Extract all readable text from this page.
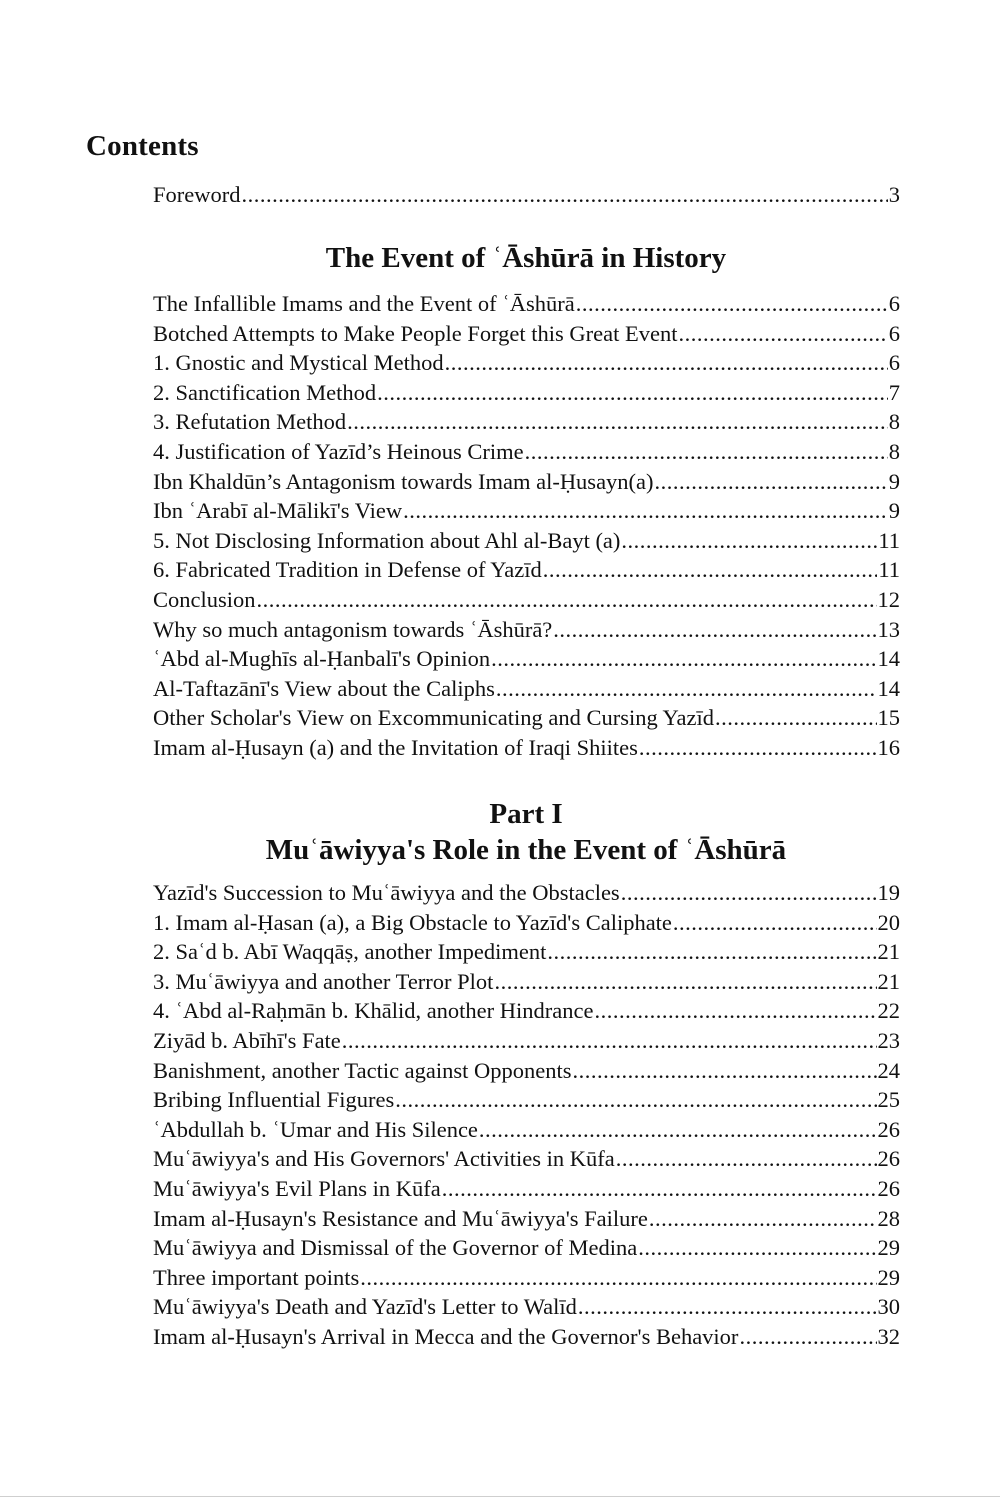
Contents
Foreword .....	3
The Event of ʿĀshūrā in History
The Infallible Imams and the Event of ʿĀshūrā .....	6
Botched Attempts to Make People Forget this Great Event .....	6
1. Gnostic and Mystical Method .....	6
2. Sanctification Method .....	7
3. Refutation Method .....	8
4. Justification of Yazīd’s Heinous Crime .....	8
Ibn Khaldūn’s Antagonism towards Imam al-Ḥusayn(a) .....	9
Ibn ʿArabī al-Mālikī's View .....	9
5. Not Disclosing Information about Ahl al-Bayt (a) .....	11
6. Fabricated Tradition in Defense of Yazīd .....	11
Conclusion .....	12
Why so much antagonism towards ʿĀshūrā? .....	13
ʿAbd al-Mughīs al-Ḥanbalī's Opinion .....	14
Al-Taftazānī's View about the Caliphs .....	14
Other Scholar's View on Excommunicating and Cursing Yazīd .....	15
Imam al-Ḥusayn (a) and the Invitation of Iraqi Shiites .....	16
Part I
Muʿāwiyya's Role in the Event of ʿĀshūrā
Yazīd's Succession to Muʿāwiyya and the Obstacles .....	19
1. Imam al-Ḥasan (a), a Big Obstacle to Yazīd's Caliphate .....	20
2. Saʿd b. Abī Waqqāṣ, another Impediment .....	21
3. Muʿāwiyya and another Terror Plot .....	21
4. ʿAbd al-Raḥmān b. Khālid, another Hindrance .....	22
Ziyād b. Abīhī's Fate .....	23
Banishment, another Tactic against Opponents .....	24
Bribing Influential Figures .....	25
ʿAbdullah b. ʿUmar and His Silence .....	26
Muʿāwiyya's and His Governors' Activities in Kūfa .....	26
Muʿāwiyya's Evil Plans in Kūfa .....	26
Imam al-Ḥusayn's Resistance and Muʿāwiyya's Failure .....	28
Muʿāwiyya and Dismissal of the Governor of Medina .....	29
Three important points .....	29
Muʿāwiyya's Death and Yazīd's Letter to Walīd .....	30
Imam al-Ḥusayn's Arrival in Mecca and the Governor's Behavior .....	32
